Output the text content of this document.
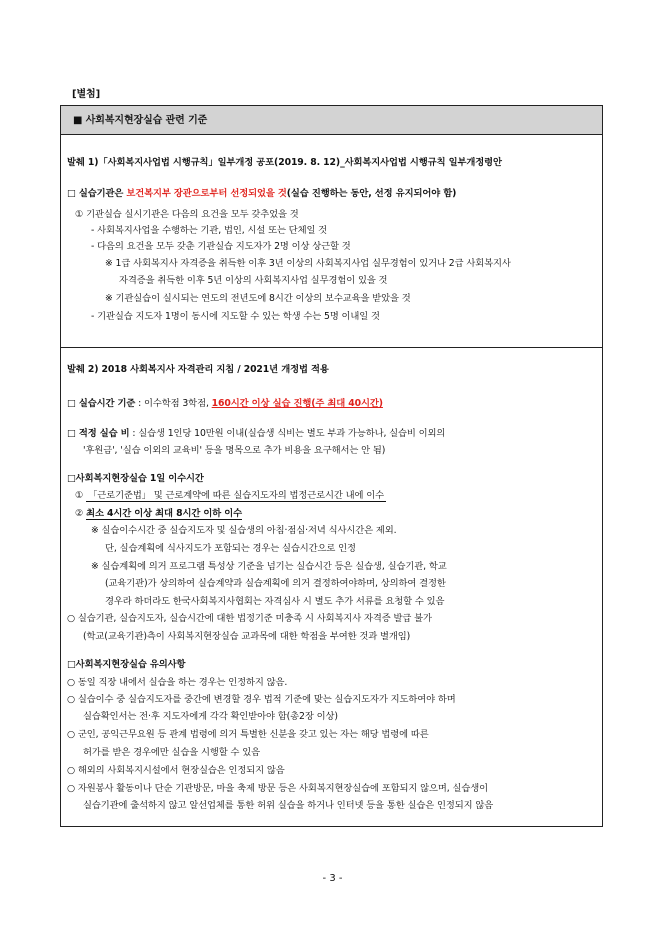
[별첨]
■ 사회복지현장실습 관련 기준
발췌 1)「사회복지사업법 시행규칙」일부개정 공포(2019. 8. 12)_사회복지사업법 시행규칙 일부개정령안
□ 실습기관은 보건복지부 장관으로부터 선정되었을 것(실습 진행하는 동안, 선정 유지되어야 함)
① 기관실습 실시기관은 다음의 요건을 모두 갖추었을 것
- 사회복지사업을 수행하는 기관, 법인, 시설 또는 단체일 것
- 다음의 요건을 모두 갖춘 기관실습 지도자가 2명 이상 상근할 것
※ 1급 사회복지사 자격증을 취득한 이후 3년 이상의 사회복지사업 실무경험이 있거나 2급 사회복지사
자격증을 취득한 이후 5년 이상의 사회복지사업 실무경험이 있을 것
※ 기관실습이 실시되는 연도의 전년도에 8시간 이상의 보수교육을 받았을 것
- 기관실습 지도자 1명이 동시에 지도할 수 있는 학생 수는 5명 이내일 것
발췌 2) 2018 사회복지사 자격관리 지침 / 2021년 개정법 적용
□ 실습시간 기준 : 이수학점 3학점, 160시간 이상 실습 진행(주 최대 40시간)
□ 적정 실습 비 : 실습생 1인당 10만원 이내(실습생 식비는 별도 부과 가능하나, 실습비 이외의
'후원금', '실습 이외의 교육비' 등을 명목으로 추가 비용을 요구해서는 안 됨)
□사회복지현장실습 1일 이수시간
① 「근로기준법」 및 근로계약에 따른 실습지도자의 법정근로시간 내에 이수
② 최소 4시간 이상 최대 8시간 이하 이수
※ 실습이수시간 중 실습지도자 및 실습생의 아침·점심·저녁 식사시간은 제외.
단, 실습계획에 식사지도가 포함되는 경우는 실습시간으로 인정
※ 실습계획에 의거 프로그램 특성상 기준을 넘기는 실습시간 등은 실습생, 실습기관, 학교
(교육기관)가 상의하여 실습계약과 실습계획에 의거 결정하여야하며, 상의하여 결정한
경우라 하더라도 한국사회복지사협회는 자격심사 시 별도 추가 서류를 요청할 수 있음
○ 실습기관, 실습지도자, 실습시간에 대한 법정기준 미충족 시 사회복지사 자격증 발급 불가
(학교(교육기관)측이 사회복지현장실습 교과목에 대한 학점을 부여한 것과 별개임)
□사회복지현장실습 유의사항
○ 동일 직장 내에서 실습을 하는 경우는 인정하지 않음.
○ 실습이수 중 실습지도자를 중간에 변경할 경우 법적 기준에 맞는 실습지도자가 지도하여야 하며
실습확인서는 전·후 지도자에게 각각 확인받아야 함(총2장 이상)
○ 군인, 공익근무요원 등 관계 법령에 의거 특별한 신분을 갖고 있는 자는 해당 법령에 따른
허가를 받은 경우에만 실습을 시행할 수 있음
○ 해외의 사회복지시설에서 현장실습은 인정되지 않음
○ 자원봉사 활동이나 단순 기관방문, 마을 축제 방문 등은 사회복지현장실습에 포함되지 않으며, 실습생이
실습기관에 출석하지 않고 알선업체를 통한 허위 실습을 하거나 인터넷 등을 통한 실습은 인정되지 않음
- 3 -
